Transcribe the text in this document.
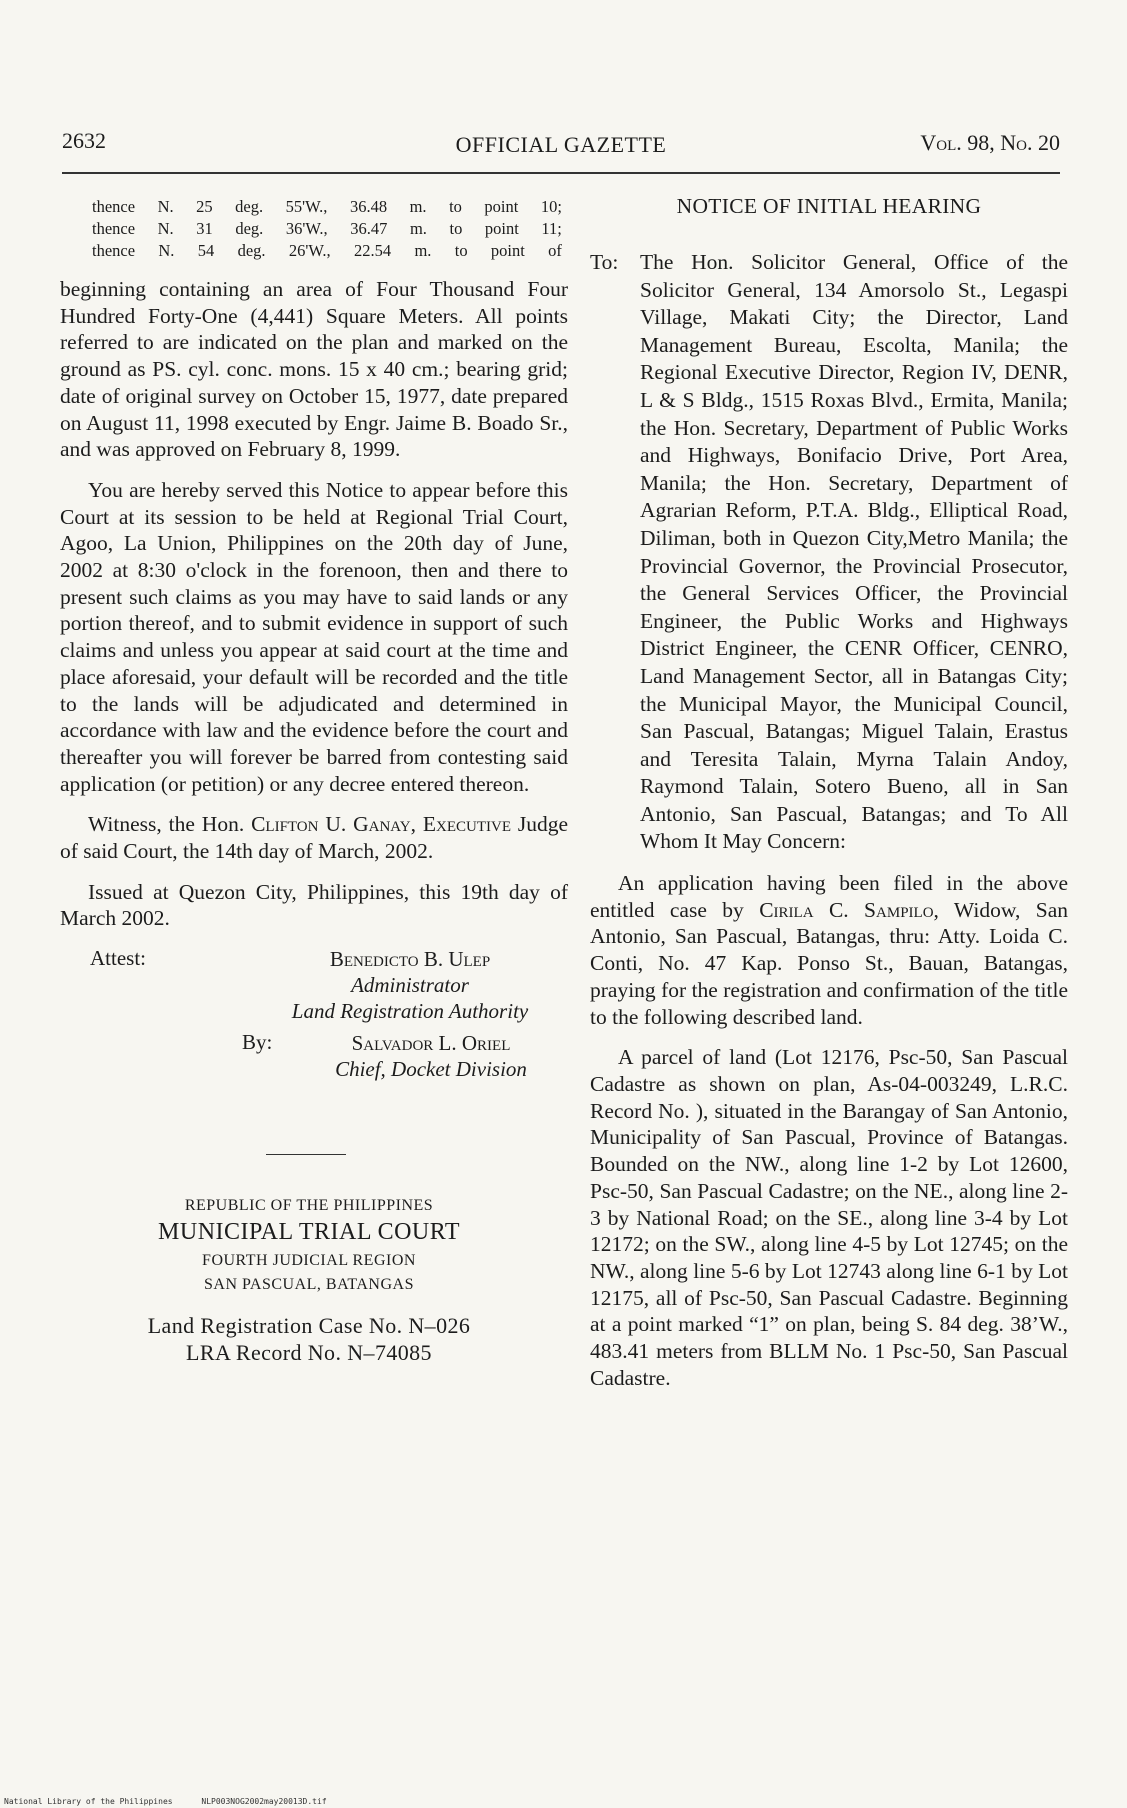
2632	OFFICIAL GAZETTE	Vol. 98, No. 20
thence N. 25 deg. 55'W., 36.48 m. to point 10;
thence N. 31 deg. 36'W., 36.47 m. to point 11;
thence N. 54 deg. 26'W., 22.54 m. to point of

beginning containing an area of Four Thousand Four Hundred Forty-One (4,441) Square Meters. All points referred to are indicated on the plan and marked on the ground as PS. cyl. conc. mons. 15 x 40 cm.; bearing grid; date of original survey on October 15, 1977, date prepared on August 11, 1998 executed by Engr. Jaime B. Boado Sr., and was approved on February 8, 1999.

You are hereby served this Notice to appear before this Court at its session to be held at Regional Trial Court, Agoo, La Union, Philippines on the 20th day of June, 2002 at 8:30 o'clock in the forenoon, then and there to present such claims as you may have to said lands or any portion thereof, and to submit evidence in support of such claims and unless you appear at said court at the time and place aforesaid, your default will be recorded and the title to the lands will be adjudicated and determined in accordance with law and the evidence before the court and thereafter you will forever be barred from contesting said application (or petition) or any decree entered thereon.

Witness, the Hon. Clifton U. Ganay, Executive Judge of said Court, the 14th day of March, 2002.

Issued at Quezon City, Philippines, this 19th day of March 2002.

Attest:	Benedicto B. Ulep
Administrator
Land Registration Authority
By:	Salvador L. Oriel
Chief, Docket Division
REPUBLIC OF THE PHILIPPINES
MUNICIPAL TRIAL COURT
FOURTH JUDICIAL REGION
SAN PASCUAL, BATANGAS
Land Registration Case No. N–026
LRA Record No. N–74085
NOTICE OF INITIAL HEARING
To:	The Hon. Solicitor General, Office of the Solicitor General, 134 Amorsolo St., Legaspi Village, Makati City; the Director, Land Management Bureau, Escolta, Manila; the Regional Executive Director, Region IV, DENR, L & S Bldg., 1515 Roxas Blvd., Ermita, Manila; the Hon. Secretary, Department of Public Works and Highways, Bonifacio Drive, Port Area, Manila; the Hon. Secretary, Department of Agrarian Reform, P.T.A. Bldg., Elliptical Road, Diliman, both in Quezon City,Metro Manila; the Provincial Governor, the Provincial Prosecutor, the General Services Officer, the Provincial Engineer, the Public Works and Highways District Engineer, the CENR Officer, CENRO, Land Management Sector, all in Batangas City; the Municipal Mayor, the Municipal Council, San Pascual, Batangas; Miguel Talain, Erastus and Teresita Talain, Myrna Talain Andoy, Raymond Talain, Sotero Bueno, all in San Antonio, San Pascual, Batangas; and To All Whom It May Concern:

An application having been filed in the above entitled case by Cirila C. Sampilo, Widow, San Antonio, San Pascual, Batangas, thru: Atty. Loida C. Conti, No. 47 Kap. Ponso St., Bauan, Batangas, praying for the registration and confirmation of the title to the following described land.

A parcel of land (Lot 12176, Psc-50, San Pascual Cadastre as shown on plan, As-04-003249, L.R.C. Record No. ), situated in the Barangay of San Antonio, Municipality of San Pascual, Province of Batangas. Bounded on the NW., along line 1-2 by Lot 12600, Psc-50, San Pascual Cadastre; on the NE., along line 2-3 by National Road; on the SE., along line 3-4 by Lot 12172; on the SW., along line 4-5 by Lot 12745; on the NW., along line 5-6 by Lot 12743 along line 6-1 by Lot 12175, all of Psc-50, San Pascual Cadastre. Beginning at a point marked “1” on plan, being S. 84 deg. 38’W., 483.41 meters from BLLM No. 1 Psc-50, San Pascual Cadastre.

National Library of the Philippines	NLP003NOG2002may20013D.tif
